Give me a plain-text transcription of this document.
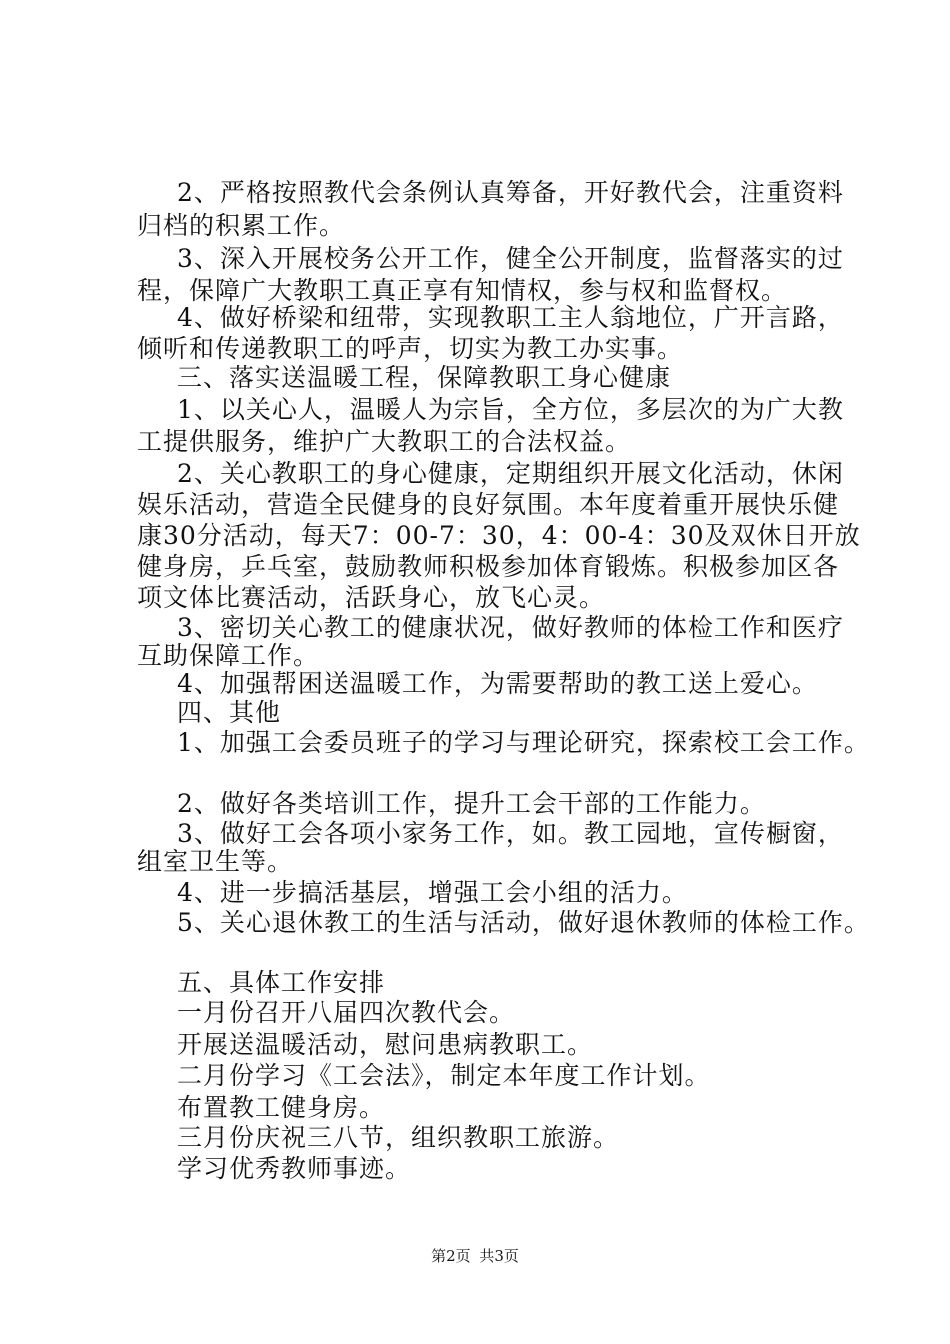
2、严格按照教代会条例认真筹备，开好教代会，注重资料
归档的积累工作。
3、深入开展校务公开工作，健全公开制度，监督落实的过
程，保障广大教职工真正享有知情权，参与权和监督权。
4、做好桥梁和纽带，实现教职工主人翁地位，广开言路，
倾听和传递教职工的呼声，切实为教工办实事。
三、落实送温暖工程，保障教职工身心健康
1、以关心人，温暖人为宗旨，全方位，多层次的为广大教
工提供服务，维护广大教职工的合法权益。
2、关心教职工的身心健康，定期组织开展文化活动，休闲
娱乐活动，营造全民健身的良好氛围。本年度着重开展快乐健
康30分活动，每天7：00-7：30，4：00-4：30及双休日开放
健身房，乒乓室，鼓励教师积极参加体育锻炼。积极参加区各
项文体比赛活动，活跃身心，放飞心灵。
3、密切关心教工的健康状况，做好教师的体检工作和医疗
互助保障工作。
4、加强帮困送温暖工作，为需要帮助的教工送上爱心。
四、其他
1、加强工会委员班子的学习与理论研究，探索校工会工作。
2、做好各类培训工作，提升工会干部的工作能力。
3、做好工会各项小家务工作，如。教工园地，宣传橱窗，
组室卫生等。
4、进一步搞活基层，增强工会小组的活力。
5、关心退休教工的生活与活动，做好退休教师的体检工作。
五、具体工作安排
一月份召开八届四次教代会。
开展送温暖活动，慰问患病教职工。
二月份学习《工会法》，制定本年度工作计划。
布置教工健身房。
三月份庆祝三八节，组织教职工旅游。
学习优秀教师事迹。
第2页 共3页
